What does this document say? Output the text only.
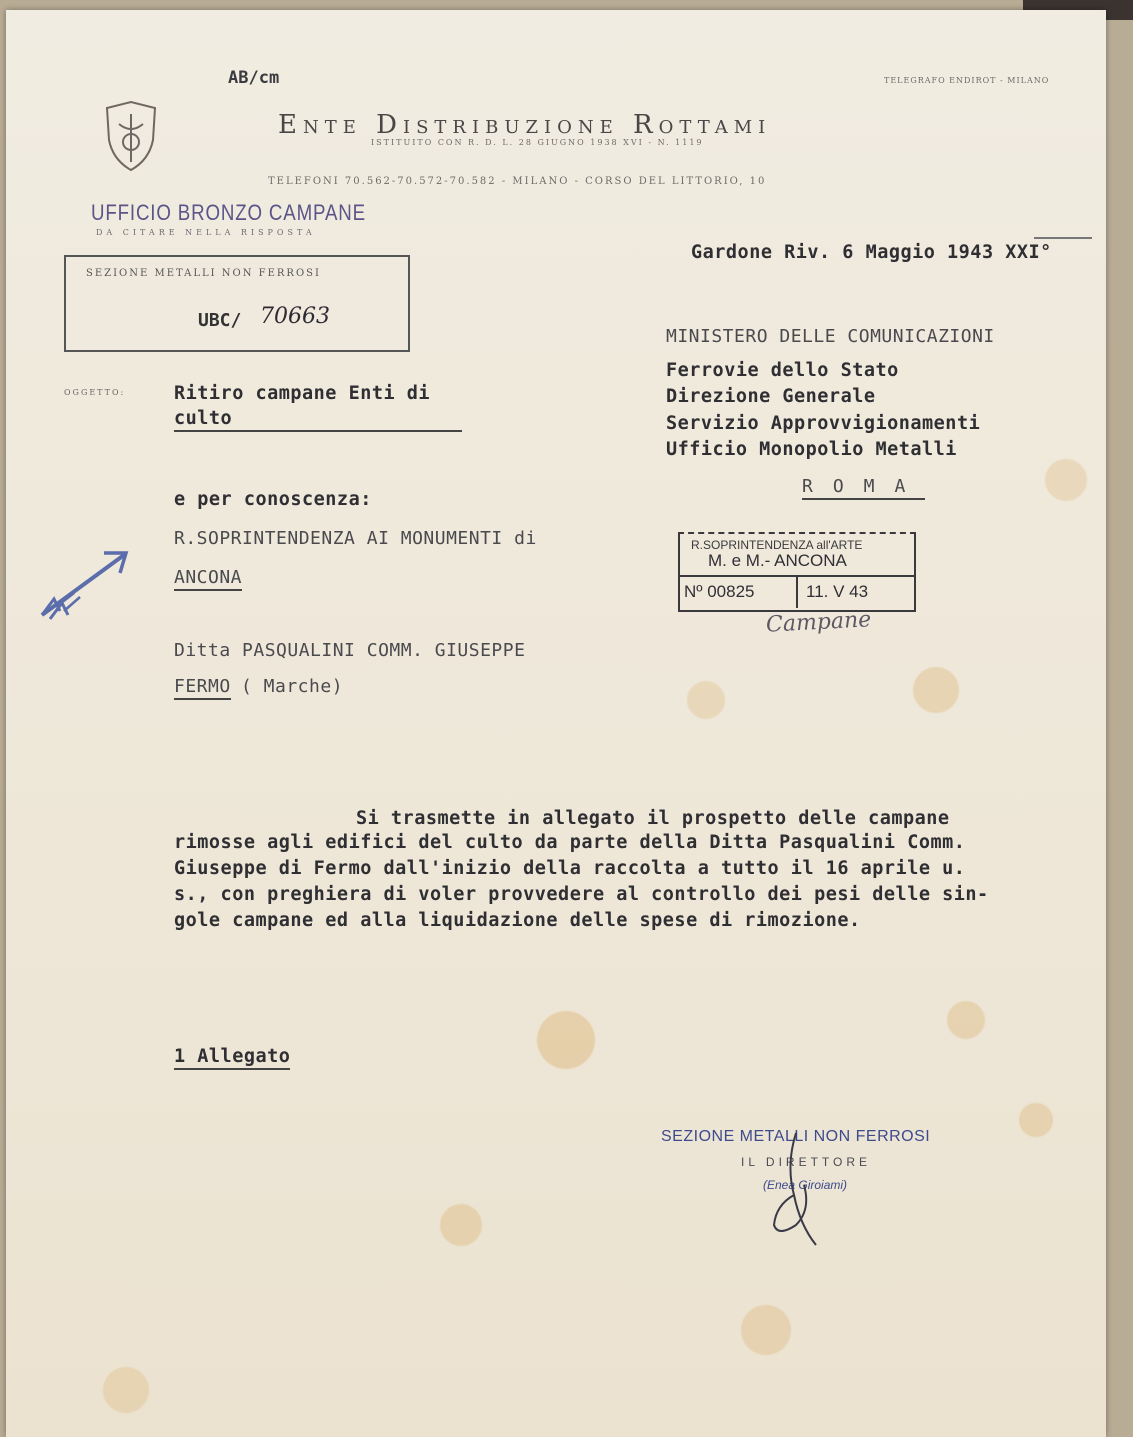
AB/cm	TELEGRAFO ENDIROT - MILANO
Ente Distribuzione Rottami
ISTITUITO CON R. D. L. 28 GIUGNO 1938 XVI - N. 1119
TELEFONI 70.562-70.572-70.582 - MILANO - CORSO DEL LITTORIO, 10
UFFICIO BRONZO CAMPANE
DA CITARE NELLA RISPOSTA
SEZIONE METALLI NON FERROSI
UBC/ 70663
OGGETTO:	Ritiro campane Enti di
culto
Gardone Riv. 6 Maggio 1943 XXI°
MINISTERO DELLE COMUNICAZIONI
Ferrovie dello Stato
Direzione Generale
Servizio Approvvigionamenti
Ufficio Monopolio Metalli
ROMA
e per conoscenza:
R.SOPRINTENDENZA AI MONUMENTI di
ANCONA
Ditta PASQUALINI COMM. GIUSEPPE
FERMO ( Marche)
R.SOPRINTENDENZA all'ARTE
M. e M.- ANCONA
Nº 00825	11. V 43
Campane
Si trasmette in allegato il prospetto delle campane
rimosse agli edifici del culto da parte della Ditta Pasqualini Comm.
Giuseppe di Fermo dall'inizio della raccolta a tutto il 16 aprile u.
s., con preghiera di voler provvedere al controllo dei pesi delle sin-
gole campane ed alla liquidazione delle spese di rimozione.
1 Allegato
SEZIONE METALLI NON FERROSI
IL DIRETTORE
(Enea Giroiami)
